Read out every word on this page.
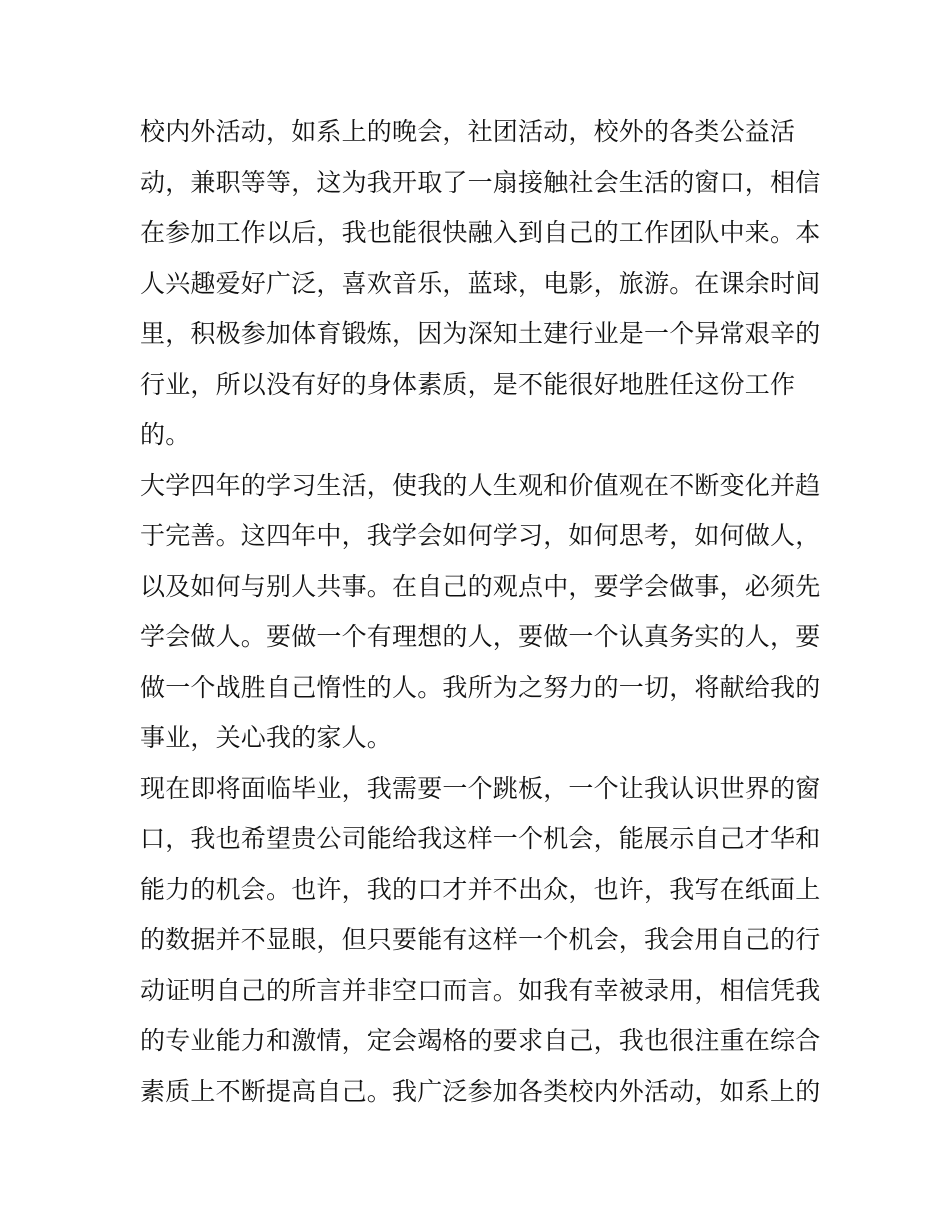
校内外活动，如系上的晚会，社团活动，校外的各类公益活
动，兼职等等，这为我开取了一扇接触社会生活的窗口，相信
在参加工作以后，我也能很快融入到自己的工作团队中来。本
人兴趣爱好广泛，喜欢音乐，蓝球，电影，旅游。在课余时间
里，积极参加体育锻炼，因为深知土建行业是一个异常艰辛的
行业，所以没有好的身体素质，是不能很好地胜任这份工作
的。
大学四年的学习生活，使我的人生观和价值观在不断变化并趋
于完善。这四年中，我学会如何学习，如何思考，如何做人，
以及如何与别人共事。在自己的观点中，要学会做事，必须先
学会做人。要做一个有理想的人，要做一个认真务实的人，要
做一个战胜自己惰性的人。我所为之努力的一切，将献给我的
事业，关心我的家人。
现在即将面临毕业，我需要一个跳板，一个让我认识世界的窗
口，我也希望贵公司能给我这样一个机会，能展示自己才华和
能力的机会。也许，我的口才并不出众，也许，我写在纸面上
的数据并不显眼，但只要能有这样一个机会，我会用自己的行
动证明自己的所言并非空口而言。如我有幸被录用，相信凭我
的专业能力和激情，定会竭格的要求自己，我也很注重在综合
素质上不断提高自己。我广泛参加各类校内外活动，如系上的
